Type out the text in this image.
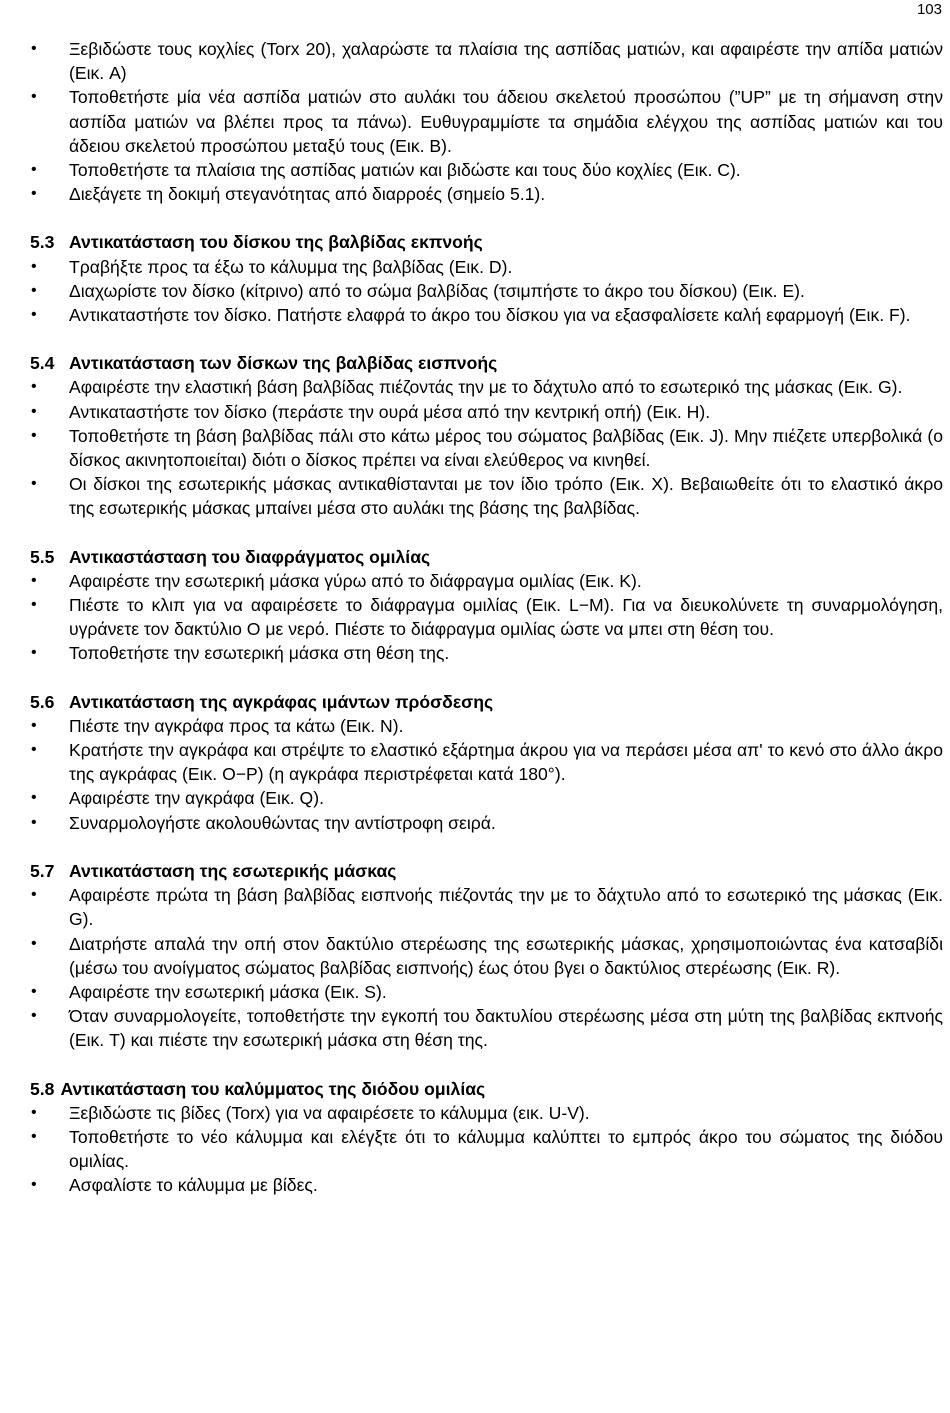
103
• Ξεβιδώστε τους κοχλίες (Torx 20), χαλαρώστε τα πλαίσια της ασπίδας ματιών, και αφαιρέστε την απίδα ματιών (Εικ. A)
• Τοποθετήστε μία νέα ασπίδα ματιών στο αυλάκι του άδειου σκελετού προσώπου (”UP” με τη σήμανση στην ασπίδα ματιών να βλέπει προς τα πάνω). Ευθυγραμμίστε τα σημάδια ελέγχου της ασπίδας ματιών και του άδειου σκελετού προσώπου μεταξύ τους (Εικ. B).
• Τοποθετήστε τα πλαίσια της ασπίδας ματιών και βιδώστε και τους δύο κοχλίες (Εικ. C).
• Διεξάγετε τη δοκιμή στεγανότητας από διαρροές (σημείο 5.1).
5.3 Αντικατάσταση του δίσκου της βαλβίδας εκπνοής
• Τραβήξτε προς τα έξω το κάλυμμα της βαλβίδας (Εικ. D).
• Διαχωρίστε τον δίσκο (κίτρινο) από το σώμα βαλβίδας (τσιμπήστε το άκρο του δίσκου) (Εικ. E).
• Αντικαταστήστε τον δίσκο. Πατήστε ελαφρά το άκρο του δίσκου για να εξασφαλίσετε καλή εφαρμογή (Εικ. F).
5.4 Αντικατάσταση των δίσκων της βαλβίδας εισπνοής
• Αφαιρέστε την ελαστική βάση βαλβίδας πιέζοντάς την με το δάχτυλο από το εσωτερικό της μάσκας (Εικ. G).
• Αντικαταστήστε τον δίσκο (περάστε την ουρά μέσα από την κεντρική οπή) (Εικ. H).
• Τοποθετήστε τη βάση βαλβίδας πάλι στο κάτω μέρος του σώματος βαλβίδας (Εικ. J). Μην πιέζετε υπερβολικά (ο δίσκος ακινητοποιείται) διότι ο δίσκος πρέπει να είναι ελεύθερος να κινηθεί.
• Οι δίσκοι της εσωτερικής μάσκας αντικαθίστανται με τον ίδιο τρόπο (Εικ. X). Βεβαιωθείτε ότι το ελαστικό άκρο της εσωτερικής μάσκας μπαίνει μέσα στο αυλάκι της βάσης της βαλβίδας.
5.5 Αντικαστάσταση του διαφράγματος ομιλίας
• Αφαιρέστε την εσωτερική μάσκα γύρω από το διάφραγμα ομιλίας (Εικ. K).
• Πιέστε το κλιπ για να αφαιρέσετε το διάφραγμα ομιλίας (Εικ. L−M). Για να διευκολύνετε τη συναρμολόγηση, υγράνετε τον δακτύλιο O με νερό. Πιέστε το διάφραγμα ομιλίας ώστε να μπει στη θέση του.
• Τοποθετήστε την εσωτερική μάσκα στη θέση της.
5.6 Αντικατάσταση της αγκράφας ιμάντων πρόσδεσης
• Πιέστε την αγκράφα προς τα κάτω (Εικ. N).
• Κρατήστε την αγκράφα και στρέψτε το ελαστικό εξάρτημα άκρου για να περάσει μέσα απ' το κενό στο άλλο άκρο της αγκράφας (Εικ. O−P) (η αγκράφα περιστρέφεται κατά 180°).
• Αφαιρέστε την αγκράφα (Εικ. Q).
• Συναρμολογήστε ακολουθώντας την αντίστροφη σειρά.
5.7 Αντικατάσταση της εσωτερικής μάσκας
• Αφαιρέστε πρώτα τη βάση βαλβίδας εισπνοής πιέζοντάς την με το δάχτυλο από το εσωτερικό της μάσκας (Εικ. G).
• Διατρήστε απαλά την οπή στον δακτύλιο στερέωσης της εσωτερικής μάσκας, χρησιμοποιώντας ένα κατσαβίδι (μέσω του ανοίγματος σώματος βαλβίδας εισπνοής) έως ότου βγει ο δακτύλιος στερέωσης (Εικ. R).
• Αφαιρέστε την εσωτερική μάσκα (Εικ. S).
• Όταν συναρμολογείτε, τοποθετήστε την εγκοπή του δακτυλίου στερέωσης μέσα στη μύτη της βαλβίδας εκπνοής (Εικ. T) και πιέστε την εσωτερική μάσκα στη θέση της.
5.8 Αντικατάσταση του καλύμματος της διόδου ομιλίας
• Ξεβιδώστε τις βίδες (Torx) για να αφαιρέσετε το κάλυμμα (εικ. U-V).
• Τοποθετήστε το νέο κάλυμμα και ελέγξτε ότι το κάλυμμα καλύπτει το εμπρός άκρο του σώματος της διόδου ομιλίας.
• Ασφαλίστε το κάλυμμα με βίδες.
